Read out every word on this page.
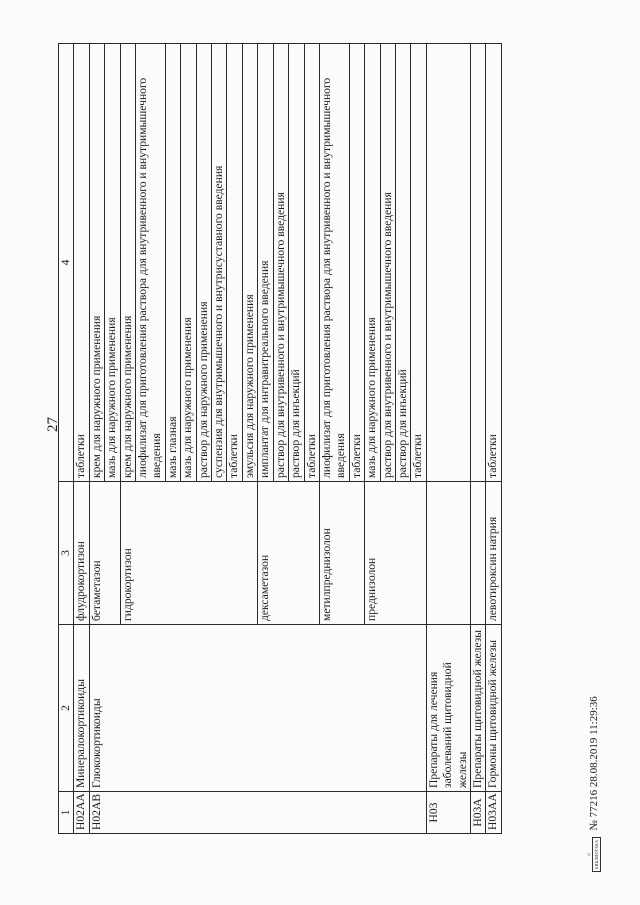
27
1	2	3	4
H02AA	Минералокортикоиды	флудрокортизон	таблетки
H02AB	Глюкокортикоиды	бетаметазон	крем для наружного применения
			мазь для наружного применения
		гидрокортизон	крем для наружного применения
			лиофилизат для приготовления раствора для внутривенного и внутримышечного введения
			мазь глазная
			мазь для наружного применения
			раствор для наружного применения
			суспензия для внутримышечного и внутрисуставного введения
			таблетки
			эмульсия для наружного применения
		дексаметазон	имплантат для интравитреального введения
			раствор для внутривенного и внутримышечного введения
			раствор для инъекций
			таблетки
		метилпреднизолон	лиофилизат для приготовления раствора для внутривенного и внутримышечного введения
			таблетки
		преднизолон	мазь для наружного применения
			раствор для внутривенного и внутримышечного введения
			раствор для инъекций
			таблетки
H03	Препараты для лечения заболеваний щитовидной железы		
H03A	Препараты щитовидной железы		
H03AA	Гормоны щитовидной железы	левотироксин натрия	таблетки
⌂ БИБЛИОТЕКА
№ 77216 28.08.2019 11:29:36
